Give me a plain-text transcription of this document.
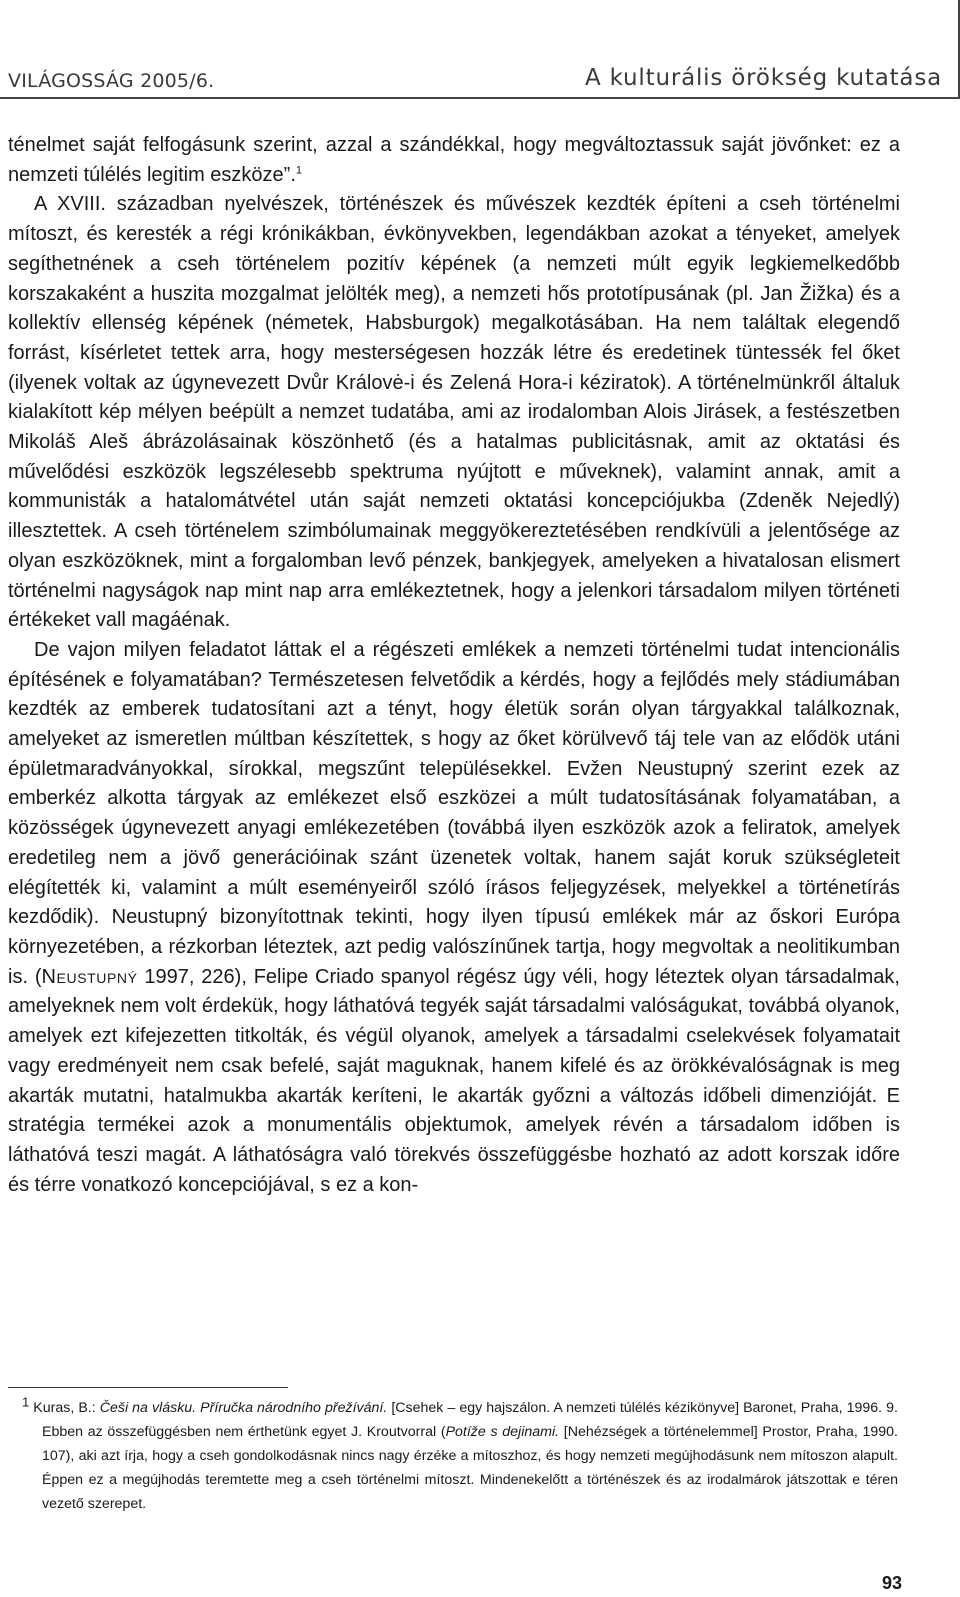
VILÁGOSSÁG 2005/6.	A kulturális örökség kutatása

ténelmet saját felfogásunk szerint, azzal a szándékkal, hogy megváltoztassuk saját jövőnket: ez a nemzeti túlélés legitim eszköze”.$^1$

A XVIII. században nyelvészek, történészek és művészek kezdték építeni a cseh történelmi mítoszt, és keresték a régi krónikákban, évkönyvekben, legendákban azokat a tényeket, amelyek segíthetnének a cseh történelem pozitív képének (a nemzeti múlt egyik legkiemelkedőbb korszakaként a huszita mozgalmat jelölték meg), a nemzeti hős prototípusának (pl. Jan Žižka) és a kollektív ellenség képének (németek, Habsburgok) megalkotásában. Ha nem találtak elegendő forrást, kísérletet tettek arra, hogy mesterségesen hozzák létre és eredetinek tüntessék fel őket (ilyenek voltak az úgynevezett Dvůr Královė-i és Zelená Hora-i kéziratok). A történelmünkről általuk kialakított kép mélyen beépült a nemzet tudatába, ami az irodalomban Alois Jirásek, a festészetben Mikoláš Aleš ábrázolásainak köszönhető (és a hatalmas publicitásnak, amit az oktatási és művelődési eszközök legszélesebb spektruma nyújtott e műveknek), valamint annak, amit a kommunisták a hatalomátvétel után saját nemzeti oktatási koncepciójukba (Zdeněk Nejedlý) illesztettek. A cseh történelem szimbólumainak meggyökereztetésében rendkívüli a jelentősége az olyan eszközöknek, mint a forgalomban levő pénzek, bankjegyek, amelyeken a hivatalosan elismert történelmi nagyságok nap mint nap arra emlékeztetnek, hogy a jelenkori társadalom milyen történeti értékeket vall magáénak.

De vajon milyen feladatot láttak el a régészeti emlékek a nemzeti történelmi tudat intencionális építésének e folyamatában? Természetesen felvetődik a kérdés, hogy a fejlődés mely stádiumában kezdték az emberek tudatosítani azt a tényt, hogy életük során olyan tárgyakkal találkoznak, amelyeket az ismeretlen múltban készítettek, s hogy az őket körülvevő táj tele van az elődök utáni épületmaradványokkal, sírokkal, megszűnt településekkel. Evžen Neustupný szerint ezek az emberkéz alkotta tárgyak az emlékezet első eszközei a múlt tudatosításának folyamatában, a közösségek úgynevezett anyagi emlékezetében (továbbá ilyen eszközök azok a feliratok, amelyek eredetileg nem a jövő generációinak szánt üzenetek voltak, hanem saját koruk szükségleteit elégítették ki, valamint a múlt eseményeiről szóló írásos feljegyzések, melyekkel a történetírás kezdődik). Neustupný bizonyítottnak tekinti, hogy ilyen típusú emlékek már az őskori Európa környezetében, a rézkorban léteztek, azt pedig valószínűnek tartja, hogy megvoltak a neolitikumban is. (Neustupný 1997, 226), Felipe Criado spanyol régész úgy véli, hogy léteztek olyan társadalmak, amelyeknek nem volt érdekük, hogy láthatóvá tegyék saját társadalmi valóságukat, továbbá olyanok, amelyek ezt kifejezetten titkolták, és végül olyanok, amelyek a társadalmi cselekvések folyamatait vagy eredményeit nem csak befelé, saját maguknak, hanem kifelé és az örökkévalóságnak is meg akarták mutatni, hatalmukba akarták keríteni, le akarták győzni a változás időbeli dimenzióját. E stratégia termékei azok a monumentális objektumok, amelyek révén a társadalom időben is láthatóvá teszi magát. A láthatóságra való törekvés összefüggésbe hozható az adott korszak időre és térre vonatkozó koncepciójával, s ez a kon-

$^1$ Kuras, B.: Češi na vlásku. Příručka národního přežívání. [Csehek – egy hajszálon. A nemzeti túlélés kézikönyve] Baronet, Praha, 1996. 9. Ebben az összefüggésben nem érthetünk egyet J. Kroutvorral (Potíže s dejinami. [Nehézségek a történelemmel] Prostor, Praha, 1990. 107), aki azt írja, hogy a cseh gondolkodásnak nincs nagy érzéke a mítoszhoz, és hogy nemzeti megújhodásunk nem mítoszon alapult. Éppen ez a megújhodás teremtette meg a cseh történelmi mítoszt. Mindenekelőtt a történészek és az irodalmárok játszottak e téren vezető szerepet.
93
